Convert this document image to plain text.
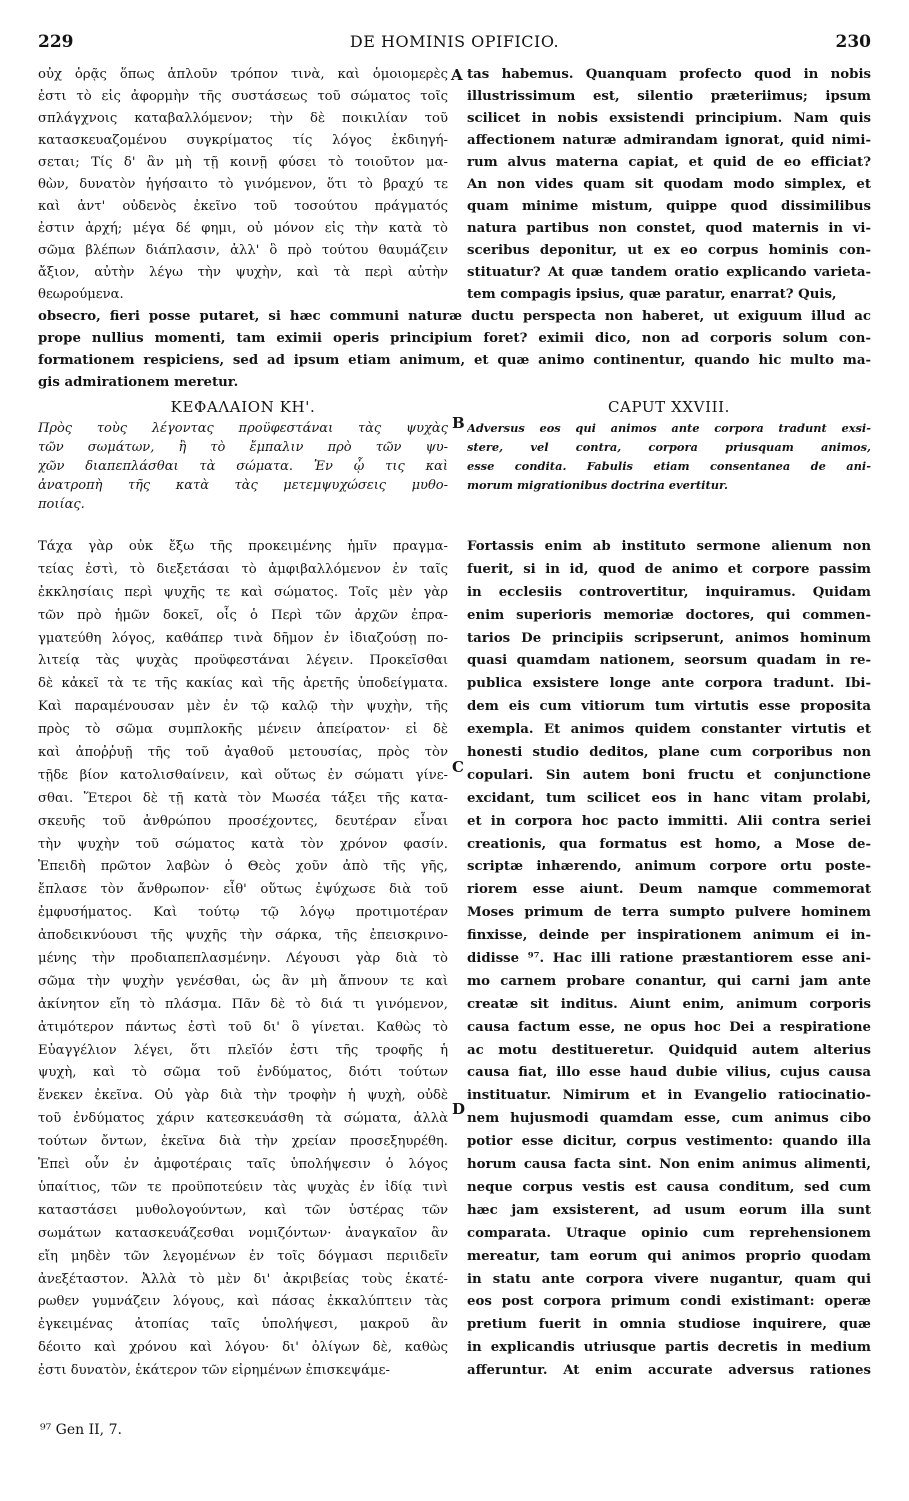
229	DE HOMINIS OPIFICIO.	230
οὐχ ὁρᾷς ὅπως ἁπλοῦν τρόπον τινὰ, καὶ ὁμοιομερὲς
ἐστι τὸ εἰς ἀφορμὴν τῆς συστάσεως τοῦ σώματος τοῖς
σπλάγχνοις καταβαλλόμενον; τὴν δὲ ποικιλίαν τοῦ
κατασκευαζομένου συγκρίματος τίς λόγος ἐκδιηγή-
σεται; Τίς δ' ἂν μὴ τῇ κοινῇ φύσει τὸ τοιοῦτον μα-
θὼν, δυνατὸν ἡγήσαιτο τὸ γινόμενον, ὅτι τὸ βραχύ τε
καὶ ἀντ' οὐδενὸς ἐκεῖνο τοῦ τοσούτου πράγματός
ἐστιν ἀρχή; μέγα δέ φημι, οὐ μόνον εἰς τὴν κατὰ τὸ
σῶμα βλέπων διάπλασιν, ἀλλ' ὃ πρὸ τούτου θαυμάζειν
ἄξιον, αὐτὴν λέγω τὴν ψυχὴν, καὶ τὰ περὶ αὐτὴν
θεωρούμενα.
tas habemus. Quanquam profecto quod in nobis
illustrissimum est, silentio præteriimus; ipsum
scilicet in nobis exsistendi principium. Nam quis
affectionem naturæ admirandam ignorat, quid nimi-
rum alvus materna capiat, et quid de eo efficiat?
An non vides quam sit quodam modo simplex, et
quam minime mistum, quippe quod dissimilibus
natura partibus non constet, quod maternis in vi-
sceribus deponitur, ut ex eo corpus hominis con-
stituatur? At quæ tandem oratio explicando varieta-
tem compagis ipsius, quæ paratur, enarrat? Quis,
obsecro, fieri posse putaret, si hæc communi naturæ ductu perspecta non haberet, ut exiguum illud ac
prope nullius momenti, tam eximii operis principium foret? eximii dico, non ad corporis solum con-
formationem respiciens, sed ad ipsum etiam animum, et quæ animo continentur, quando hic multo ma-
gis admirationem meretur.
ΚΕΦΑΛΑΙΟΝ ΚΗ'.	CAPUT XXVIII.
Πρὸς τοὺς λέγοντας προϋφεστάναι τὰς ψυχὰς
τῶν σωμάτων, ἢ τὸ ἔμπαλιν πρὸ τῶν ψυ-
χῶν διαπεπλάσθαι τὰ σώματα. Ἐν ᾧ τις καὶ
ἀνατροπὴ τῆς κατὰ τὰς μετεμψυχώσεις μυθο-
ποιίας.
Adversus eos qui animos ante corpora tradunt exsi-
stere, vel contra, corpora priusquam animos,
esse condita. Fabulis etiam consentanea de ani-
morum migrationibus doctrina evertitur.
Τάχα γὰρ οὐκ ἔξω τῆς προκειμένης ἡμῖν πραγμα-
τείας ἐστὶ, τὸ διεξετάσαι τὸ ἀμφιβαλλόμενον ἐν ταῖς
ἐκκλησίαις περὶ ψυχῆς τε καὶ σώματος. Τοῖς μὲν γὰρ
τῶν πρὸ ἡμῶν δοκεῖ, οἷς ὁ Περὶ τῶν ἀρχῶν ἐπρα-
γματεύθη λόγος, καθάπερ τινὰ δῆμον ἐν ἰδιαζούσῃ πο-
λιτείᾳ τὰς ψυχὰς προϋφεστάναι λέγειν. Προκεῖσθαι
δὲ κἀκεῖ τὰ τε τῆς κακίας καὶ τῆς ἀρετῆς ὑποδείγματα.
Καὶ παραμένουσαν μὲν ἐν τῷ καλῷ τὴν ψυχὴν, τῆς
πρὸς τὸ σῶμα συμπλοκῆς μένειν ἀπείρατον· εἰ δὲ
καὶ ἀποῤῥυῇ τῆς τοῦ ἀγαθοῦ μετουσίας, πρὸς τὸν
τῇδε βίον κατολισθαίνειν, καὶ οὕτως ἐν σώματι γίνε-
σθαι. Ἕτεροι δὲ τῇ κατὰ τὸν Μωσέα τάξει τῆς κατα-
σκευῆς τοῦ ἀνθρώπου προσέχοντες, δευτέραν εἶναι
τὴν ψυχὴν τοῦ σώματος κατὰ τὸν χρόνον φασίν.
Ἐπειδὴ πρῶτον λαβὼν ὁ Θεὸς χοῦν ἀπὸ τῆς γῆς,
ἔπλασε τὸν ἄνθρωπον· εἶθ' οὕτως ἐψύχωσε διὰ τοῦ
ἐμφυσήματος. Καὶ τούτῳ τῷ λόγῳ προτιμοτέραν
ἀποδεικνύουσι τῆς ψυχῆς τὴν σάρκα, τῆς ἐπεισκρινο-
μένης τὴν προδιαπεπλασμένην. Λέγουσι γὰρ διὰ τὸ
σῶμα τὴν ψυχὴν γενέσθαι, ὡς ἂν μὴ ἄπνουν τε καὶ
ἀκίνητον εἴη τὸ πλάσμα. Πᾶν δὲ τὸ διά τι γινόμενον,
ἀτιμότερον πάντως ἐστὶ τοῦ δι' ὃ γίνεται. Καθὼς τὸ
Εὐαγγέλιον λέγει, ὅτι πλεῖόν ἐστι τῆς τροφῆς ἡ
ψυχὴ, καὶ τὸ σῶμα τοῦ ἐνδύματος, διότι τούτων
ἕνεκεν ἐκεῖνα. Οὐ γὰρ διὰ τὴν τροφὴν ἡ ψυχὴ, οὐδὲ
τοῦ ἐνδύματος χάριν κατεσκευάσθη τὰ σώματα, ἀλλὰ
τούτων ὄντων, ἐκεῖνα διὰ τὴν χρείαν προσεξηυρέθη.
Ἐπεὶ οὖν ἐν ἀμφοτέραις ταῖς ὑπολήψεσιν ὁ λόγος
ὑπαίτιος, τῶν τε προϋποτεύειν τὰς ψυχὰς ἐν ἰδίᾳ τινὶ
καταστάσει μυθολογούντων, καὶ τῶν ὑστέρας τῶν
σωμάτων κατασκευάζεσθαι νομιζόντων· ἀναγκαῖον ἂν
εἴη μηδὲν τῶν λεγομένων ἐν τοῖς δόγμασι περιιδεῖν
ἀνεξέταστον. Ἀλλὰ τὸ μὲν δι' ἀκριβείας τοὺς ἑκατέ-
ρωθεν γυμνάζειν λόγους, καὶ πάσας ἐκκαλύπτειν τὰς
ἐγκειμένας ἀτοπίας ταῖς ὑπολήψεσι, μακροῦ ἂν
δέοιτο καὶ χρόνου καὶ λόγου· δι' ὀλίγων δὲ, καθὼς
ἐστι δυνατὸν, ἑκάτερον τῶν εἰρημένων ἐπισκεψάμε-
Fortassis enim ab instituto sermone alienum non
fuerit, si in id, quod de animo et corpore passim
in ecclesiis controvertitur, inquiramus. Quidam
enim superioris memoriæ doctores, qui commen-
tarios De principiis scripserunt, animos hominum
quasi quamdam nationem, seorsum quadam in re-
publica exsistere longe ante corpora tradunt. Ibi-
dem eis cum vitiorum tum virtutis esse proposita
exempla. Et animos quidem constanter virtutis et
honesti studio deditos, plane cum corporibus non
copulari. Sin autem boni fructu et conjunctione
excidant, tum scilicet eos in hanc vitam prolabi,
et in corpora hoc pacto immitti. Alii contra seriei
creationis, qua formatus est homo, a Mose de-
scriptæ inhærendo, animum corpore ortu poste-
riorem esse aiunt. Deum namque commemorat
Moses primum de terra sumpto pulvere hominem
finxisse, deinde per inspirationem animum ei in-
didisse ⁹⁷. Hac illi ratione præstantiorem esse ani-
mo carnem probare conantur, qui carni jam ante
creatæ sit inditus. Aiunt enim, animum corporis
causa factum esse, ne opus hoc Dei a respiratione
ac motu destitueretur. Quidquid autem alterius
causa fiat, illo esse haud dubie vilius, cujus causa
instituatur. Nimirum et in Evangelio ratiocinatio-
nem hujusmodi quamdam esse, cum animus cibo
potior esse dicitur, corpus vestimento: quando illa
horum causa facta sint. Non enim animus alimenti,
neque corpus vestis est causa conditum, sed cum
hæc jam exsisterent, ad usum eorum illa sunt
comparata. Utraque opinio cum reprehensionem
mereatur, tam eorum qui animos proprio quodam
in statu ante corpora vivere nugantur, quam qui
eos post corpora primum condi existimant: operæ
pretium fuerit in omnia studiose inquirere, quæ
in explicandis utriusque partis decretis in medium
afferuntur. At enim accurate adversus rationes
A
B
C
D
⁹⁷ Gen II, 7.
